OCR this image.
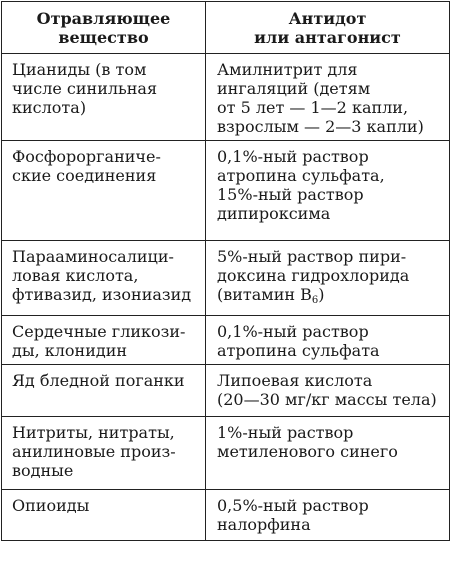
Отравляющее
вещество	Антидот
или антагонист

Цианиды (в том
числе синильная
кислота)	Амилнитрит для
ингаляций (детям
от 5 лет — 1—2 капли,
взрослым — 2—3 капли)

Фосфорорганиче-
ские соединения	0,1%-ный раствор
атропина сульфата,
15%-ный раствор
дипироксима

Парааминосалици-
ловая кислота,
фтивазид, изониазид	5%-ный раствор пири-
доксина гидрохлорида
(витамин $B_6$)

Сердечные гликози-
ды, клонидин	0,1%-ный раствор
атропина сульфата

Яд бледной поганки	Липоевая кислота
(20—30 мг/кг массы тела)

Нитриты, нитраты,
анилиновые произ-
водные	1%-ный раствор
метиленового синего

Опиоиды	0,5%-ный раствор
налорфина
